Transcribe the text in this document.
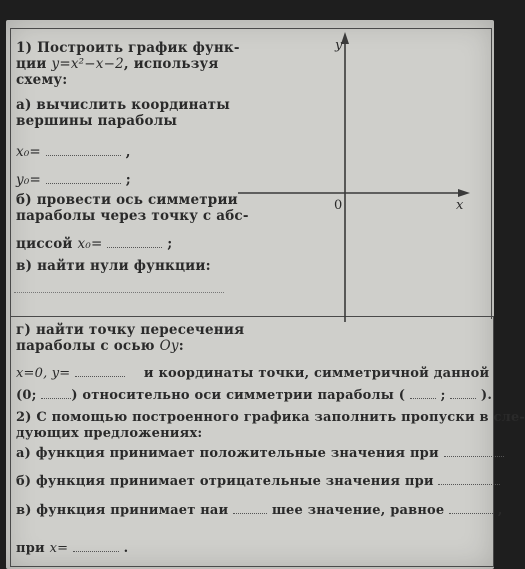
1) Построить график функ-
ции y=x²−x−2, используя
схему:
а) вычислить координаты
вершины параболы
x₀=	,
y₀=	;
б) провести ось симметрии
параболы через точку с абс-
циссой x₀=	;
в) найти нули функции:
y
x
0
г) найти точку пересечения
параболы с осью Oy:
x=0, y=	и координаты точки, симметричной данной
(0;	) относительно оси симметрии параболы (	;	).
2) С помощью построенного графика заполнить пропуски в сле-
дующих предложениях:
а) функция принимает положительные значения при
б) функция принимает отрицательные значения при
в) функция принимает наи	шее значение, равное	,
при x=	.
